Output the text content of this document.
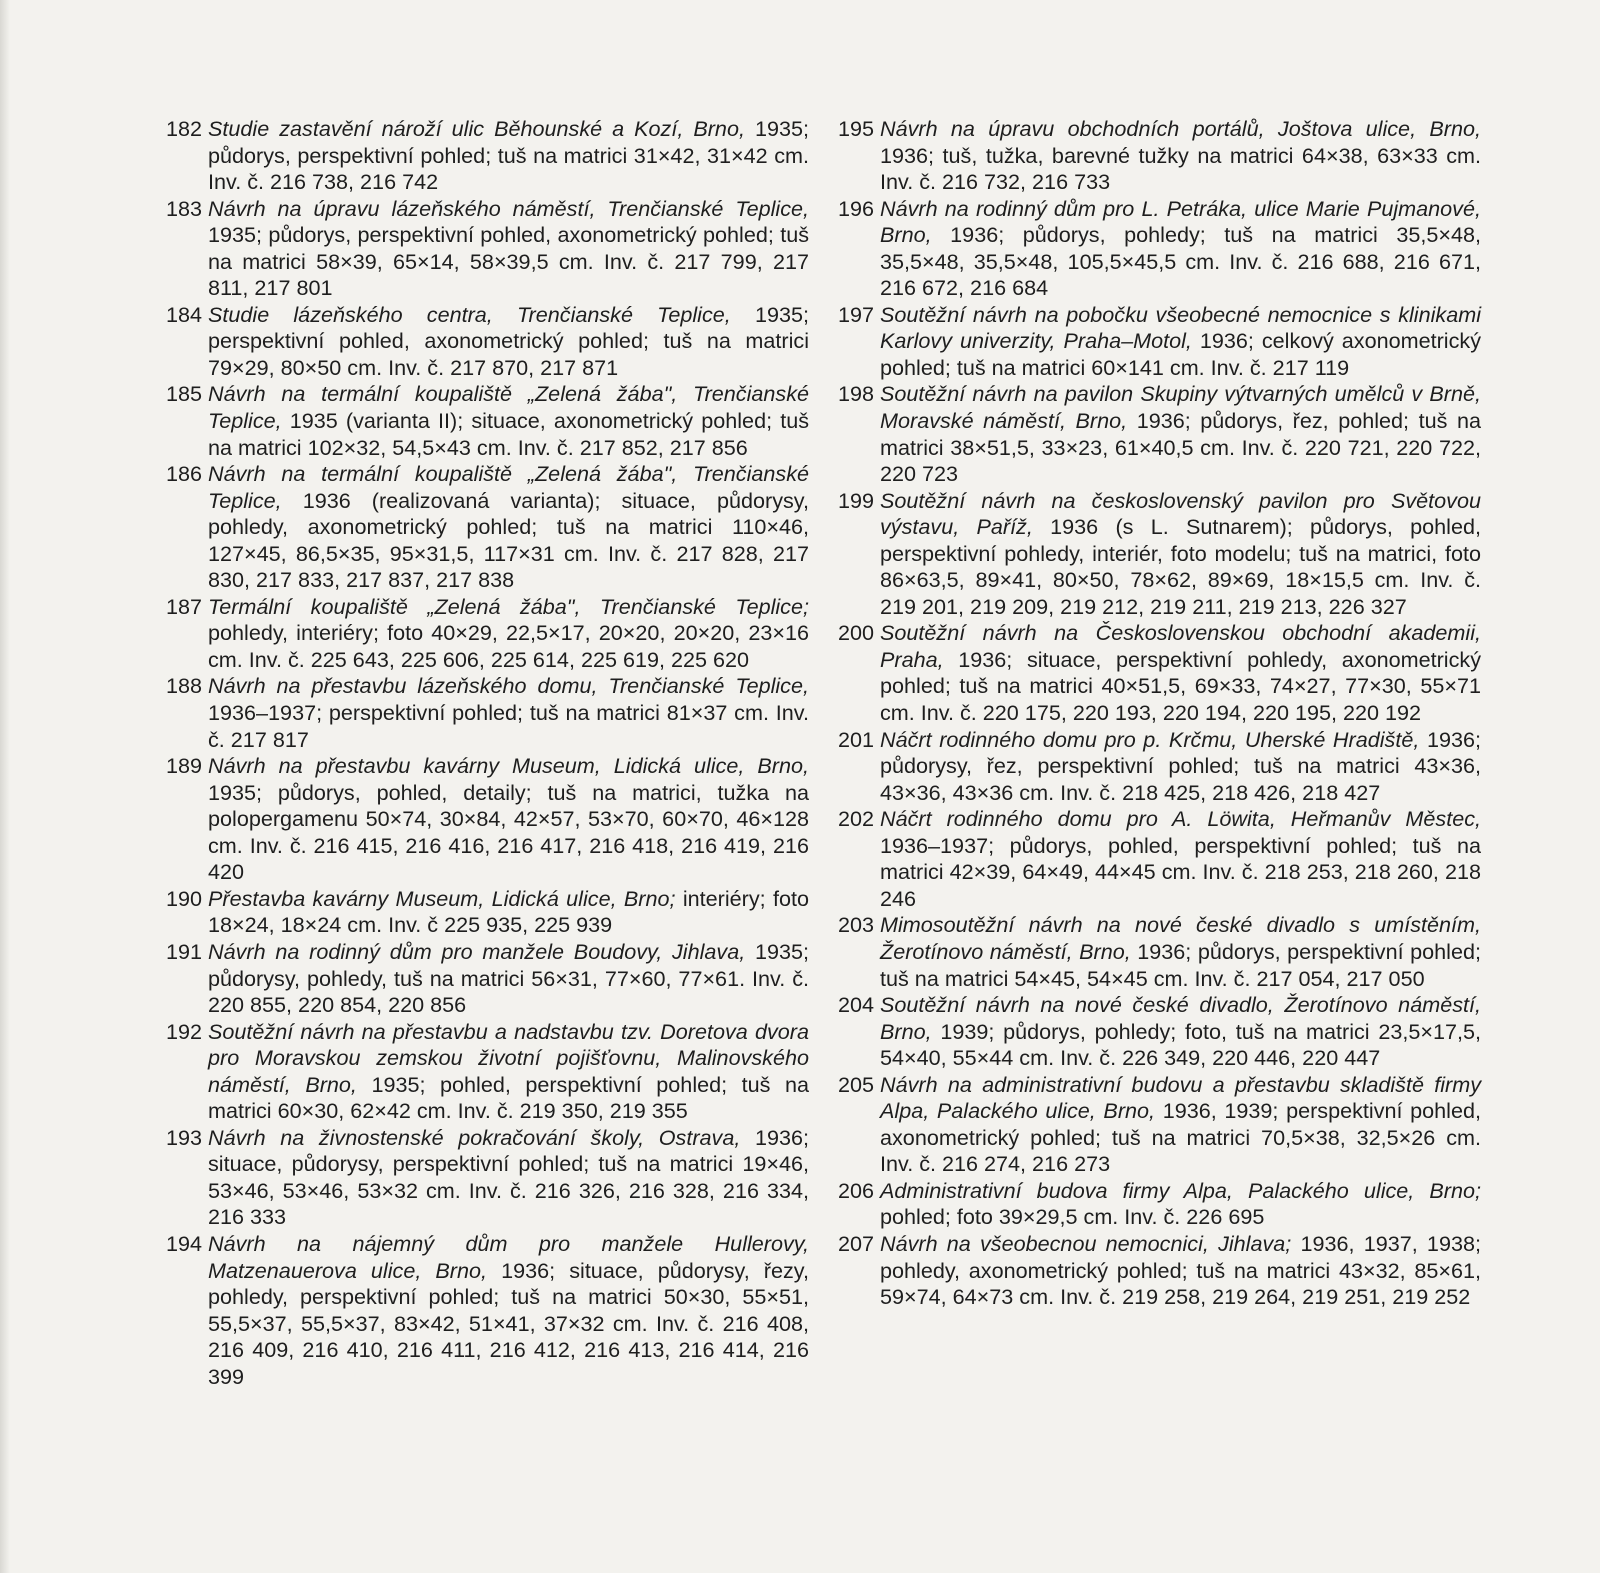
182 Studie zastavění nároží ulic Běhounské a Kozí, Brno, 1935; půdorys, perspektivní pohled; tuš na matrici 31×42, 31×42 cm. Inv. č. 216 738, 216 742

183 Návrh na úpravu lázeňského náměstí, Trenčianské Teplice, 1935; půdorys, perspektivní pohled, axonometrický pohled; tuš na matrici 58×39, 65×14, 58×39,5 cm. Inv. č. 217 799, 217 811, 217 801

184 Studie lázeňského centra, Trenčianské Teplice, 1935; perspektivní pohled, axonometrický pohled; tuš na matrici 79×29, 80×50 cm. Inv. č. 217 870, 217 871

185 Návrh na termální koupaliště „Zelená žába", Trenčianské Teplice, 1935 (varianta II); situace, axonometrický pohled; tuš na matrici 102×32, 54,5×43 cm. Inv. č. 217 852, 217 856

186 Návrh na termální koupaliště „Zelená žába", Trenčianské Teplice, 1936 (realizovaná varianta); situace, půdorysy, pohledy, axonometrický pohled; tuš na matrici 110×46, 127×45, 86,5×35, 95×31,5, 117×31 cm. Inv. č. 217 828, 217 830, 217 833, 217 837, 217 838

187 Termální koupaliště „Zelená žába", Trenčianské Teplice; pohledy, interiéry; foto 40×29, 22,5×17, 20×20, 20×20, 23×16 cm. Inv. č. 225 643, 225 606, 225 614, 225 619, 225 620

188 Návrh na přestavbu lázeňského domu, Trenčianské Teplice, 1936–1937; perspektivní pohled; tuš na matrici 81×37 cm. Inv. č. 217 817

189 Návrh na přestavbu kavárny Museum, Lidická ulice, Brno, 1935; půdorys, pohled, detaily; tuš na matrici, tužka na polopergamenu 50×74, 30×84, 42×57, 53×70, 60×70, 46×128 cm. Inv. č. 216 415, 216 416, 216 417, 216 418, 216 419, 216 420

190 Přestavba kavárny Museum, Lidická ulice, Brno; interiéry; foto 18×24, 18×24 cm. Inv. č 225 935, 225 939

191 Návrh na rodinný dům pro manžele Boudovy, Jihlava, 1935; půdorysy, pohledy, tuš na matrici 56×31, 77×60, 77×61. Inv. č. 220 855, 220 854, 220 856

192 Soutěžní návrh na přestavbu a nadstavbu tzv. Doretova dvora pro Moravskou zemskou životní pojišťovnu, Malinovského náměstí, Brno, 1935; pohled, perspektivní pohled; tuš na matrici 60×30, 62×42 cm. Inv. č. 219 350, 219 355

193 Návrh na živnostenské pokračování školy, Ostrava, 1936; situace, půdorysy, perspektivní pohled; tuš na matrici 19×46, 53×46, 53×46, 53×32 cm. Inv. č. 216 326, 216 328, 216 334, 216 333

194 Návrh na nájemný dům pro manžele Hullerovy, Matzenauerova ulice, Brno, 1936; situace, půdorysy, řezy, pohledy, perspektivní pohled; tuš na matrici 50×30, 55×51, 55,5×37, 55,5×37, 83×42, 51×41, 37×32 cm. Inv. č. 216 408, 216 409, 216 410, 216 411, 216 412, 216 413, 216 414, 216 399

195 Návrh na úpravu obchodních portálů, Joštova ulice, Brno, 1936; tuš, tužka, barevné tužky na matrici 64×38, 63×33 cm. Inv. č. 216 732, 216 733

196 Návrh na rodinný dům pro L. Petráka, ulice Marie Pujmanové, Brno, 1936; půdorys, pohledy; tuš na matrici 35,5×48, 35,5×48, 35,5×48, 105,5×45,5 cm. Inv. č. 216 688, 216 671, 216 672, 216 684

197 Soutěžní návrh na pobočku všeobecné nemocnice s klinikami Karlovy univerzity, Praha–Motol, 1936; celkový axonometrický pohled; tuš na matrici 60×141 cm. Inv. č. 217 119

198 Soutěžní návrh na pavilon Skupiny výtvarných umělců v Brně, Moravské náměstí, Brno, 1936; půdorys, řez, pohled; tuš na matrici 38×51,5, 33×23, 61×40,5 cm. Inv. č. 220 721, 220 722, 220 723

199 Soutěžní návrh na československý pavilon pro Světovou výstavu, Paříž, 1936 (s L. Sutnarem); půdorys, pohled, perspektivní pohledy, interiér, foto modelu; tuš na matrici, foto 86×63,5, 89×41, 80×50, 78×62, 89×69, 18×15,5 cm. Inv. č. 219 201, 219 209, 219 212, 219 211, 219 213, 226 327

200 Soutěžní návrh na Československou obchodní akademii, Praha, 1936; situace, perspektivní pohledy, axonometrický pohled; tuš na matrici 40×51,5, 69×33, 74×27, 77×30, 55×71 cm. Inv. č. 220 175, 220 193, 220 194, 220 195, 220 192

201 Náčrt rodinného domu pro p. Krčmu, Uherské Hradiště, 1936; půdorysy, řez, perspektivní pohled; tuš na matrici 43×36, 43×36, 43×36 cm. Inv. č. 218 425, 218 426, 218 427

202 Náčrt rodinného domu pro A. Löwita, Heřmanův Městec, 1936–1937; půdorys, pohled, perspektivní pohled; tuš na matrici 42×39, 64×49, 44×45 cm. Inv. č. 218 253, 218 260, 218 246

203 Mimosoutěžní návrh na nové české divadlo s umístěním, Žerotínovo náměstí, Brno, 1936; půdorys, perspektivní pohled; tuš na matrici 54×45, 54×45 cm. Inv. č. 217 054, 217 050

204 Soutěžní návrh na nové české divadlo, Žerotínovo náměstí, Brno, 1939; půdorys, pohledy; foto, tuš na matrici 23,5×17,5, 54×40, 55×44 cm. Inv. č. 226 349, 220 446, 220 447

205 Návrh na administrativní budovu a přestavbu skladiště firmy Alpa, Palackého ulice, Brno, 1936, 1939; perspektivní pohled, axonometrický pohled; tuš na matrici 70,5×38, 32,5×26 cm. Inv. č. 216 274, 216 273

206 Administrativní budova firmy Alpa, Palackého ulice, Brno; pohled; foto 39×29,5 cm. Inv. č. 226 695

207 Návrh na všeobecnou nemocnici, Jihlava; 1936, 1937, 1938; pohledy, axonometrický pohled; tuš na matrici 43×32, 85×61, 59×74, 64×73 cm. Inv. č. 219 258, 219 264, 219 251, 219 252
